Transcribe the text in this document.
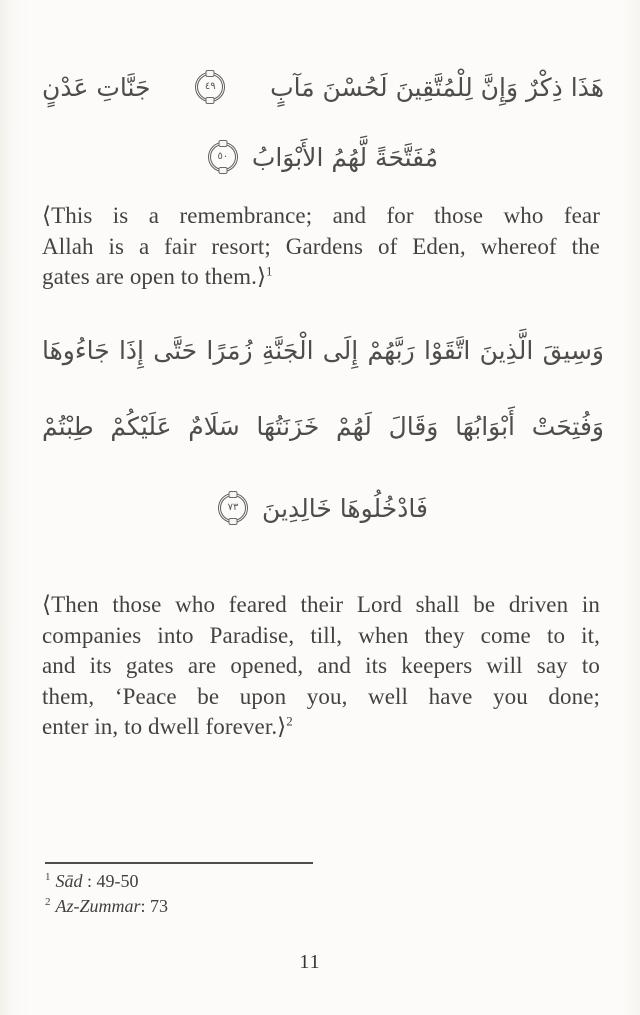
هَذَا ذِكْرٌ وَإِنَّ لِلْمُتَّقِينَ لَحُسْنَ مَآبٍ
٤٩
جَنَّاتِ عَدْنٍ
مُفَتَّحَةً لَّهُمُ الأَبْوَابُ
٥٠
⟨This is a remembrance; and for those who fear
Allah is a fair resort; Gardens of Eden, whereof the
gates are open to them.⟩$^1$
وَسِيقَ الَّذِينَ اتَّقَوْا رَبَّهُمْ إِلَى الْجَنَّةِ زُمَرًا حَتَّى إِذَا جَاءُوهَا
وَفُتِحَتْ أَبْوَابُهَا وَقَالَ لَهُمْ خَزَنَتُهَا سَلَامٌ عَلَيْكُمْ طِبْتُمْ
فَادْخُلُوهَا خَالِدِينَ
٧٣
⟨Then those who feared their Lord shall be driven in
companies into Paradise, till, when they come to it,
and its gates are opened, and its keepers will say to
them, ‘Peace be upon you, well have you done;
enter in, to dwell forever.⟩$^2$
$^1$ Sād : 49-50
$^2$ Az-Zummar: 73
11
